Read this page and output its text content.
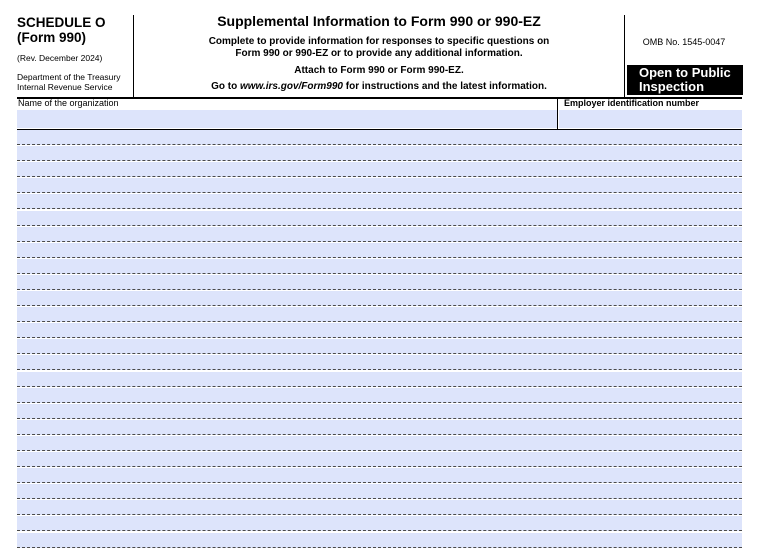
SCHEDULE O
(Form 990)
(Rev. December 2024)
Department of the Treasury
Internal Revenue Service
Supplemental Information to Form 990 or 990-EZ
Complete to provide information for responses to specific questions on
Form 990 or 990-EZ or to provide any additional information.
Attach to Form 990 or Form 990-EZ.
Go to www.irs.gov/Form990 for instructions and the latest information.
OMB No. 1545-0047
Open to Public
Inspection
Name of the organization	Employer identification number
